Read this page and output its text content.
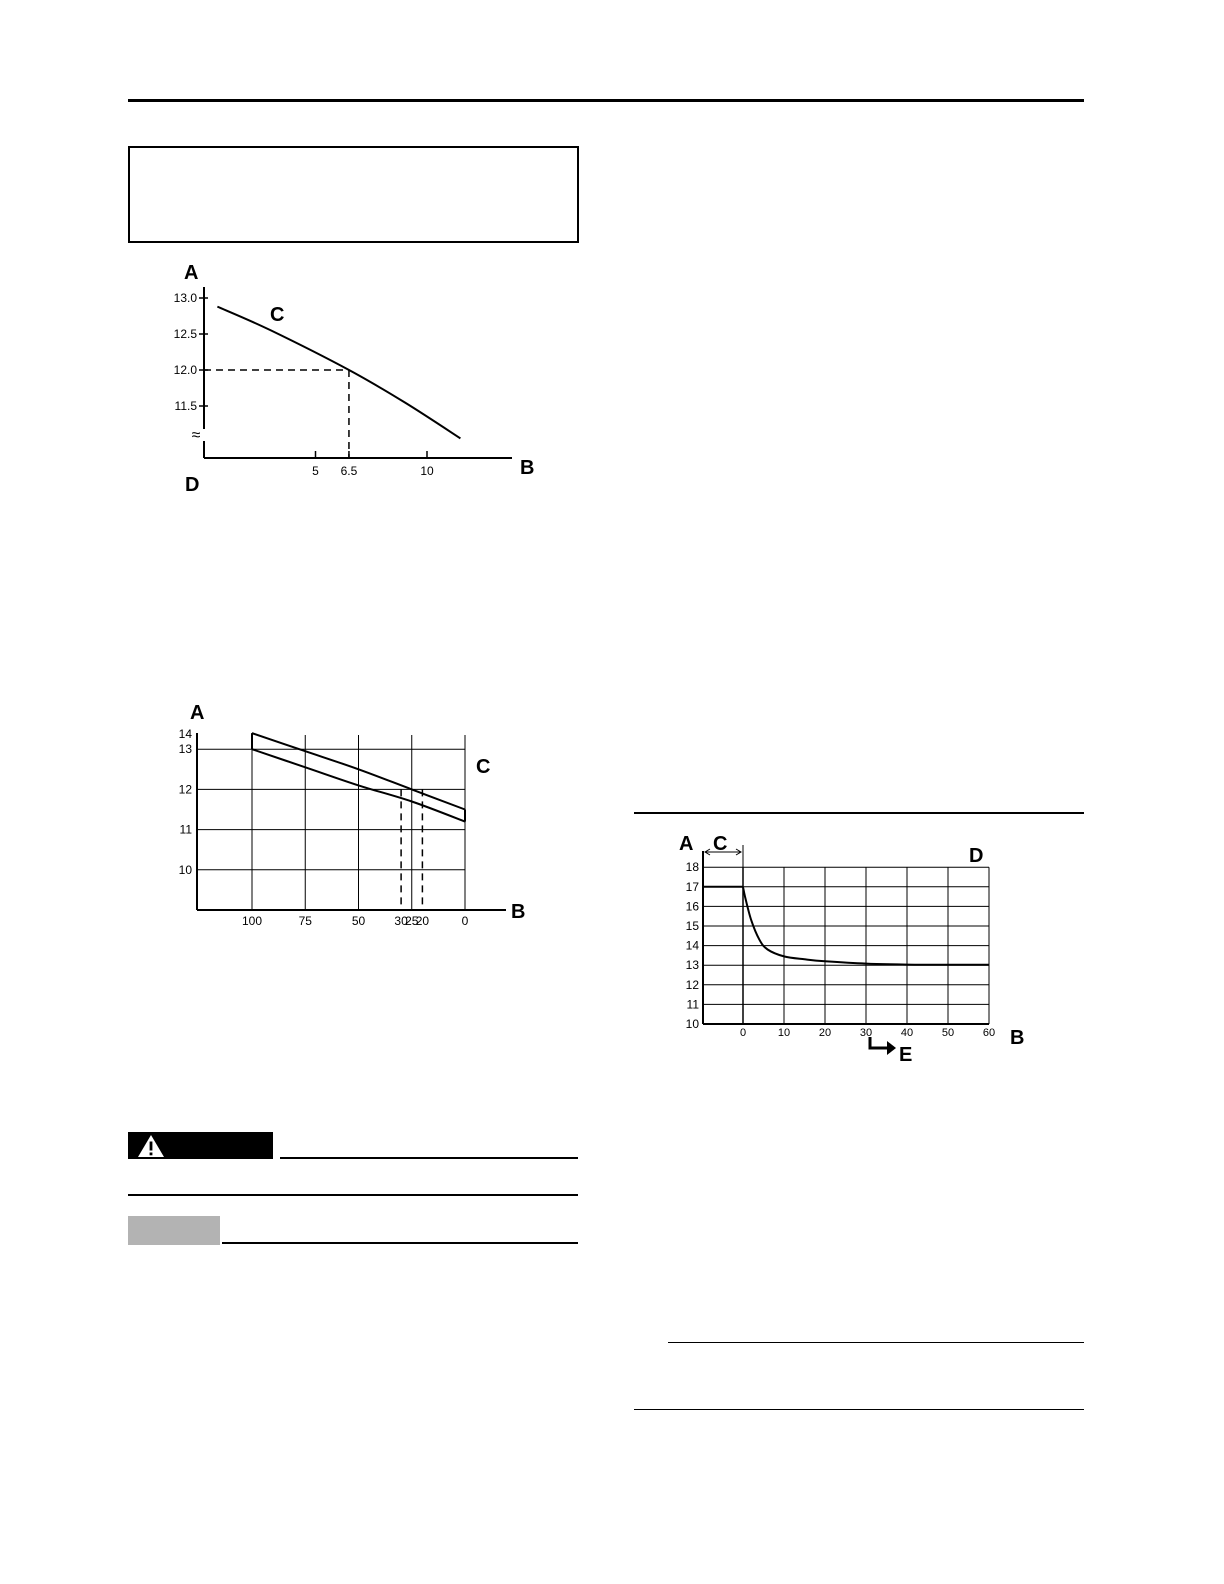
≈
13.0
12.5
12.0
11.5
5 6.5	10
A
B
C
D
14
13
12
11
10
100	75	50 30
25
20	0
A
B
C
18
17
16
15
14
13
12
11
10
0	10	20	30	40	50	60
A C
D
B
E
